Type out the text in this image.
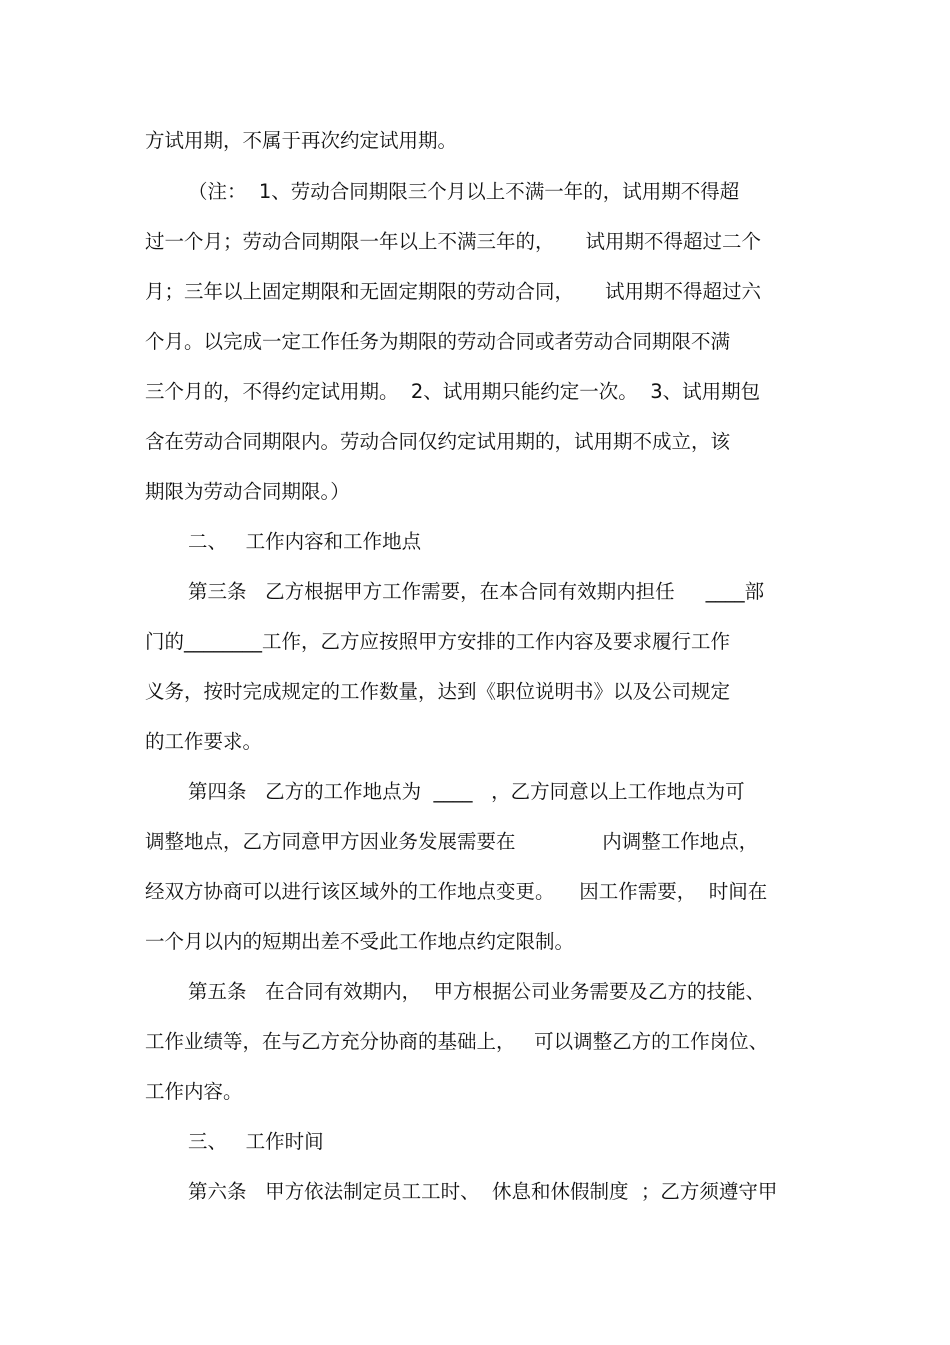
方试用期，不属于再次约定试用期。
（注：  1、劳动合同期限三个月以上不满一年的，试用期不得超
过一个月；劳动合同期限一年以上不满三年的，     试用期不得超过二个
月；三年以上固定期限和无固定期限的劳动合同，     试用期不得超过六
个月。以完成一定工作任务为期限的劳动合同或者劳动合同期限不满
三个月的，不得约定试用期。  2、试用期只能约定一次。  3、试用期包
含在劳动合同期限内。劳动合同仅约定试用期的，试用期不成立，该
期限为劳动合同期限。）
二、   工作内容和工作地点
第三条   乙方根据甲方工作需要，在本合同有效期内担任     ____部
门的________工作，乙方应按照甲方安排的工作内容及要求履行工作
义务，按时完成规定的工作数量，达到《职位说明书》以及公司规定
的工作要求。
第四条   乙方的工作地点为  ____   ，乙方同意以上工作地点为可
调整地点，乙方同意甲方因业务发展需要在              内调整工作地点，
经双方协商可以进行该区域外的工作地点变更。    因工作需要，  时间在
一个月以内的短期出差不受此工作地点约定限制。
第五条   在合同有效期内，  甲方根据公司业务需要及乙方的技能、
工作业绩等，在与乙方充分协商的基础上，   可以调整乙方的工作岗位、
工作内容。
三、   工作时间
第六条   甲方依法制定员工工时、  休息和休假制度  ；乙方须遵守甲
